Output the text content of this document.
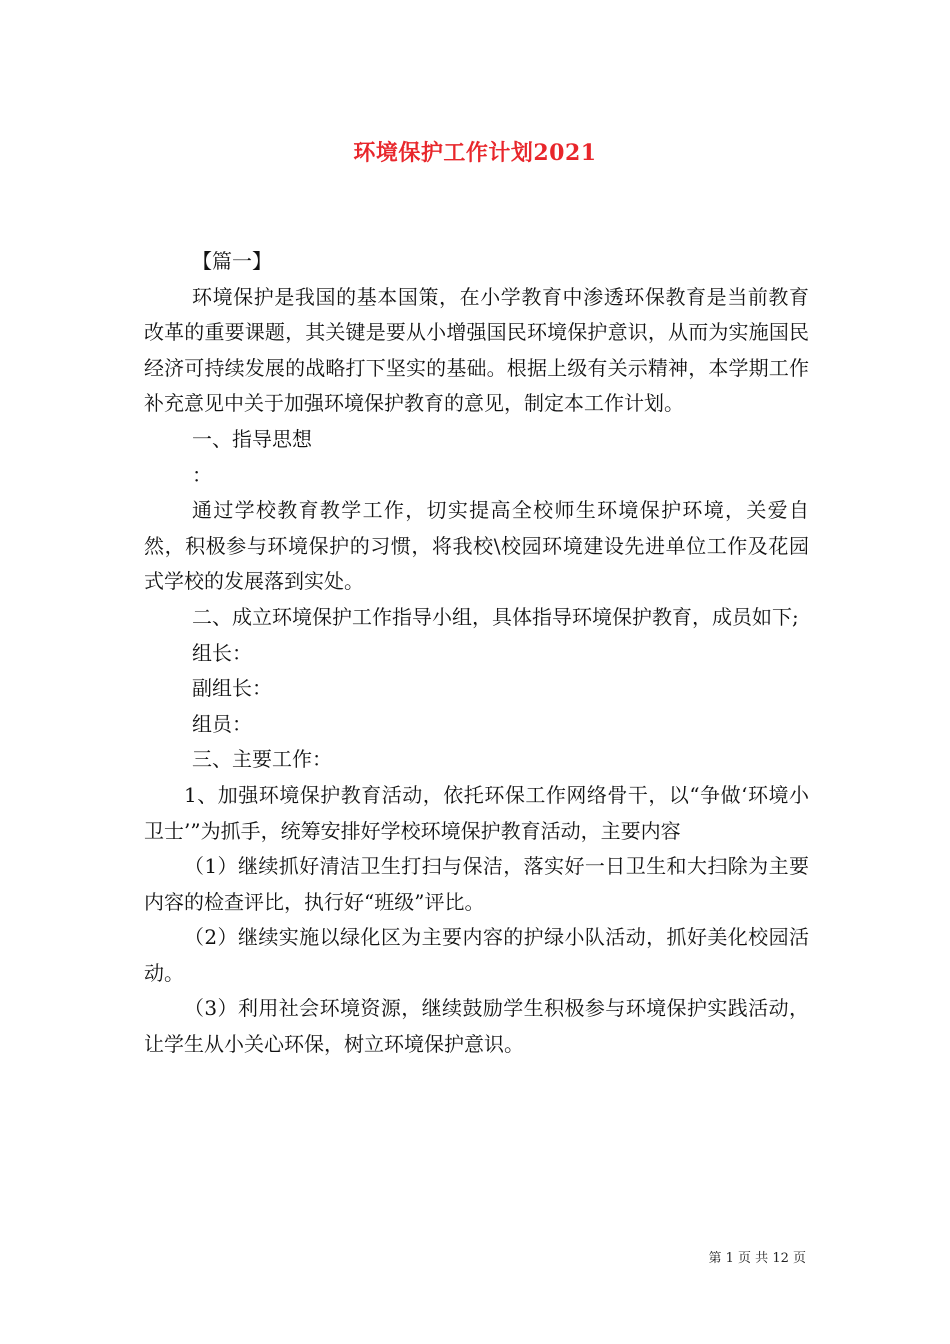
环境保护工作计划2021

【篇一】

环境保护是我国的基本国策，在小学教育中渗透环保教育是当前教育改革的重要课题，其关键是要从小增强国民环境保护意识，从而为实施国民经济可持续发展的战略打下坚实的基础。根据上级有关示精神，本学期工作补充意见中关于加强环境保护教育的意见，制定本工作计划。

一、指导思想

：

通过学校教育教学工作，切实提高全校师生环境保护环境，关爱自然，积极参与环境保护的习惯，将我校\校园环境建设先进单位工作及花园式学校的发展落到实处。

二、成立环境保护工作指导小组，具体指导环境保护教育，成员如下;

组长：

副组长：

组员：

三、主要工作：

1、加强环境保护教育活动，依托环保工作网络骨干，以“争做‘环境小卫士’”为抓手，统筹安排好学校环境保护教育活动，主要内容

（1）继续抓好清洁卫生打扫与保洁，落实好一日卫生和大扫除为主要内容的检查评比，执行好“班级”评比。

（2）继续实施以绿化区为主要内容的护绿小队活动，抓好美化校园活动。

（3）利用社会环境资源，继续鼓励学生积极参与环境保护实践活动，让学生从小关心环保，树立环境保护意识。

第 1 页 共 12 页
